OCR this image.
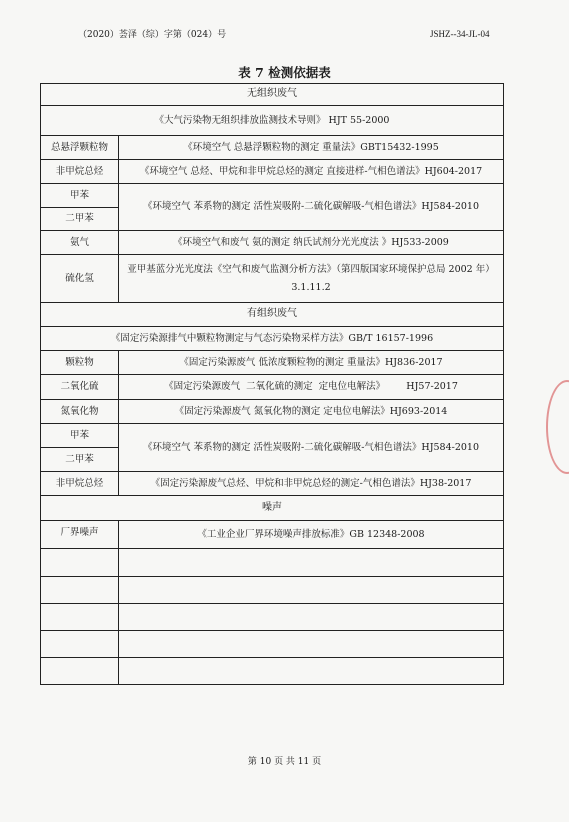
（2020）荟泽（综）字第（024）号	JSHZ--34-JL-04
表 7 检测依据表
无组织废气	
《大气污染物无组织排放监测技术导则》 HJT 55-2000	
总悬浮颗粒物	《环境空气 总悬浮颗粒物的测定 重量法》GBT15432-1995
非甲烷总烃	《环境空气 总烃、甲烷和非甲烷总烃的测定 直接进样-气相色谱法》HJ604-2017
甲苯	《环境空气 苯系物的测定 活性炭吸附-二硫化碳解吸-气相色谱法》HJ584-2010
二甲苯	
氨气	《环境空气和废气 氨的测定 纳氏试剂分光光度法 》HJ533-2009
硫化氢	亚甲基蓝分光光度法《空气和废气监测分析方法》（第四版国家环境保护总局 2002 年）3.1.11.2
有组织废气	
《固定污染源排气中颗粒物测定与气态污染物采样方法》GB/T 16157-1996	
颗粒物	《固定污染源废气 低浓度颗粒物的测定 重量法》HJ836-2017
二氧化硫	《固定污染源废气  二氧化硫的测定  定电位电解法》       HJ57-2017
氮氧化物	《固定污染源废气 氮氧化物的测定 定电位电解法》HJ693-2014
甲苯	《环境空气 苯系物的测定 活性炭吸附-二硫化碳解吸-气相色谱法》HJ584-2010
二甲苯	
非甲烷总烃	《固定污染源废气总烃、甲烷和非甲烷总烃的测定-气相色谱法》HJ38-2017
噪声	
厂界噪声	《工业企业厂界环境噪声排放标准》GB 12348-2008

第 10 页 共 11 页
